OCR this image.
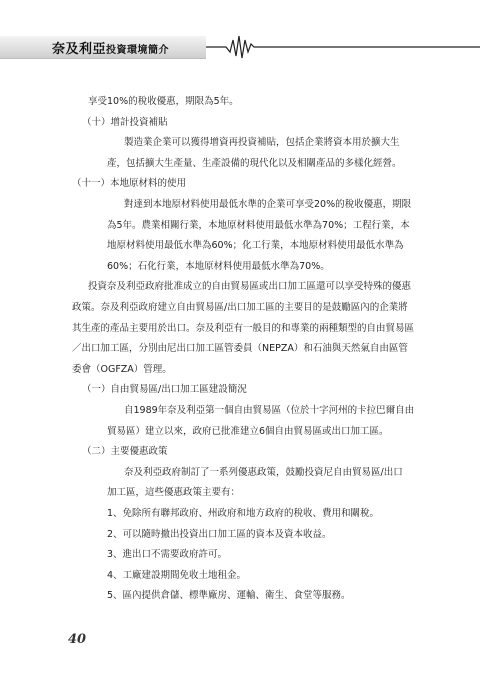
奈及利亞投資環境簡介
享受10%的稅收優惠，期限為5年。
（十）增計投資補貼
製造業企業可以獲得增資再投資補貼，包括企業將資本用於擴大生
產，包括擴大生產量、生產設備的現代化以及相關產品的多樣化經營。
（十一）本地原材料的使用
對達到本地原材料使用最低水準的企業可享受20%的稅收優惠，期限
為5年。農業相關行業，本地原材料使用最低水準為70%；工程行業，本
地原材料使用最低水準為60%；化工行業，本地原材料使用最低水準為
60%；石化行業，本地原材料使用最低水準為70%。
投資奈及利亞政府批准成立的自由貿易區或出口加工區還可以享受特殊的優惠
政策。奈及利亞政府建立自由貿易區/出口加工區的主要目的是鼓勵區內的企業將
其生產的產品主要用於出口。奈及利亞有一般目的和專業的兩種類型的自由貿易區
／出口加工區，分別由尼出口加工區管委員（NEPZA）和石油與天然氣自由區管
委會（OGFZA）管理。
（一）自由貿易區/出口加工區建設簡況
自1989年奈及利亞第一個自由貿易區（位於十字河州的卡拉巴爾自由
貿易區）建立以來，政府已批准建立6個自由貿易區或出口加工區。
（二）主要優惠政策
奈及利亞政府制訂了一系列優惠政策，鼓勵投資尼自由貿易區/出口
加工區，這些優惠政策主要有：
1、免除所有聯邦政府、州政府和地方政府的稅收、費用和關稅。
2、可以隨時撤出投資出口加工區的資本及資本收益。
3、進出口不需要政府許可。
4、工廠建設期間免收土地租金。
5、區內提供倉儲、標準廠房、運輸、衛生、食堂等服務。
40
